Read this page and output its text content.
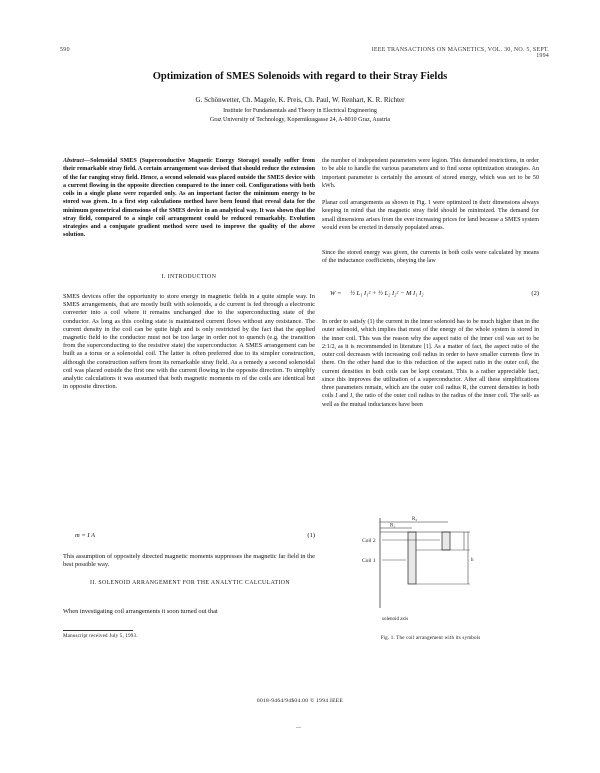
590	IEEE TRANSACTIONS ON MAGNETICS, VOL. 30, NO. 5, SEPT. 1994
Optimization of SMES Solenoids with regard to their Stray Fields
G. Schönwetter, Ch. Magele, K. Preis, Ch. Paul, W. Renhart, K. R. Richter
Institute for Fundamentals and Theory in Electrical Engineering
Graz University of Technology, Kopernikusgasse 24, A-8010 Graz, Austria
Abstract—Solenoidal SMES (Superconductive Magnetic Energy Storage) usually suffer from their remarkable stray field. A certain arrangement was devised that should reduce the extension of the far ranging stray field. Hence, a second solenoid was placed outside the SMES device with a current flowing in the opposite direction compared to the inner coil. Configurations with both coils in a single plane were regarded only. As an important factor the minimum energy to be stored was given. In a first step calculations method have been found that reveal data for the minimum geometrical dimensions of the SMES device in an analytical way. It was shown that the stray field, compared to a single coil arrangement could be reduced remarkably. Evolution strategies and a conjugate gradient method were used to improve the quality of the above solution.
I. INTRODUCTION
SMES devices offer the opportunity to store energy in magnetic fields in a quite simple way. In SMES arrangements, that are mostly built with solenoids, a dc current is fed through a electronic converter into a coil where it remains unchanged due to the superconducting state of the conductor. As long as this cooling state is maintained current flows without any resistance. The current density in the coil can be quite high and is only restricted by the fact that the applied magnetic field to the conductor must not be too large in order not to quench (e.g. the transition from the superconducting to the resistive state) the superconductor. A SMES arrangement can be built as a torus or a solenoidal coil. The latter is often preferred due to its simpler construction, although the construction suffers from its remarkable stray field. As a remedy a second solenoidal coil was placed outside the first one with the current flowing in the opposite direction. To simplify analytic calculations it was assumed that both magnetic moments m of the coils are identical but in opposite direction.
m = I A	(1)
This assumption of oppositely directed magnetic moments suppresses the magnetic far field in the best possible way.
II. SOLENOID ARRANGEMENT FOR THE ANALYTIC CALCULATION
When investigating coil arrangements it soon turned out that
Manuscript received July 5, 1993.
the number of independent parameters were legion. This demanded restrictions, in order to be able to handle the various parameters and to find some optimization strategies. An important parameter is certainly the amount of stored energy, which was set to be 50 kWh.
Planar coil arrangements as shown in Fig. 1 were optimized in their dimensions always keeping in mind that the magnetic stray field should be minimized. The demand for small dimensions arises from the ever increasing prices for land because a SMES system would even be erected in densely populated areas.
Since the stored energy was given, the currents in both coils were calculated by means of the inductance coefficients, obeying the law
W = ½ L₁ I₁² + ½ L₂ I₂² − M I₁ I₂	(2)
In order to satisfy (1) the current in the inner solenoid has to be much higher than in the outer solenoid, which implies that most of the energy of the whole system is stored in the inner coil. This was the reason why the aspect ratio of the inner coil was set to be 2:1/2, as it is recommended in literature [1]. As a matter of fact, the aspect ratio of the outer coil decreases with increasing coil radius in order to have smaller currents flow in there. On the other hand due to this reduction of the aspect ratio in the outer coil, the current densities in both coils can be kept constant. This is a rather appreciable fact, since this improves the utilization of a superconductor. After all these simplifications three parameters remain, which are the outer coil radius R, the current densities in both coils J and J, the ratio of the outer coil radius to the radius of the inner coil. The self- as well as the mutual inductances have been
R₂
R₁
h
Coil 2
Coil 1
solenoid axis
Fig. 1. The coil arrangement with its symbols
0018-9464/94$04.00 © 1994 IEEE
—
